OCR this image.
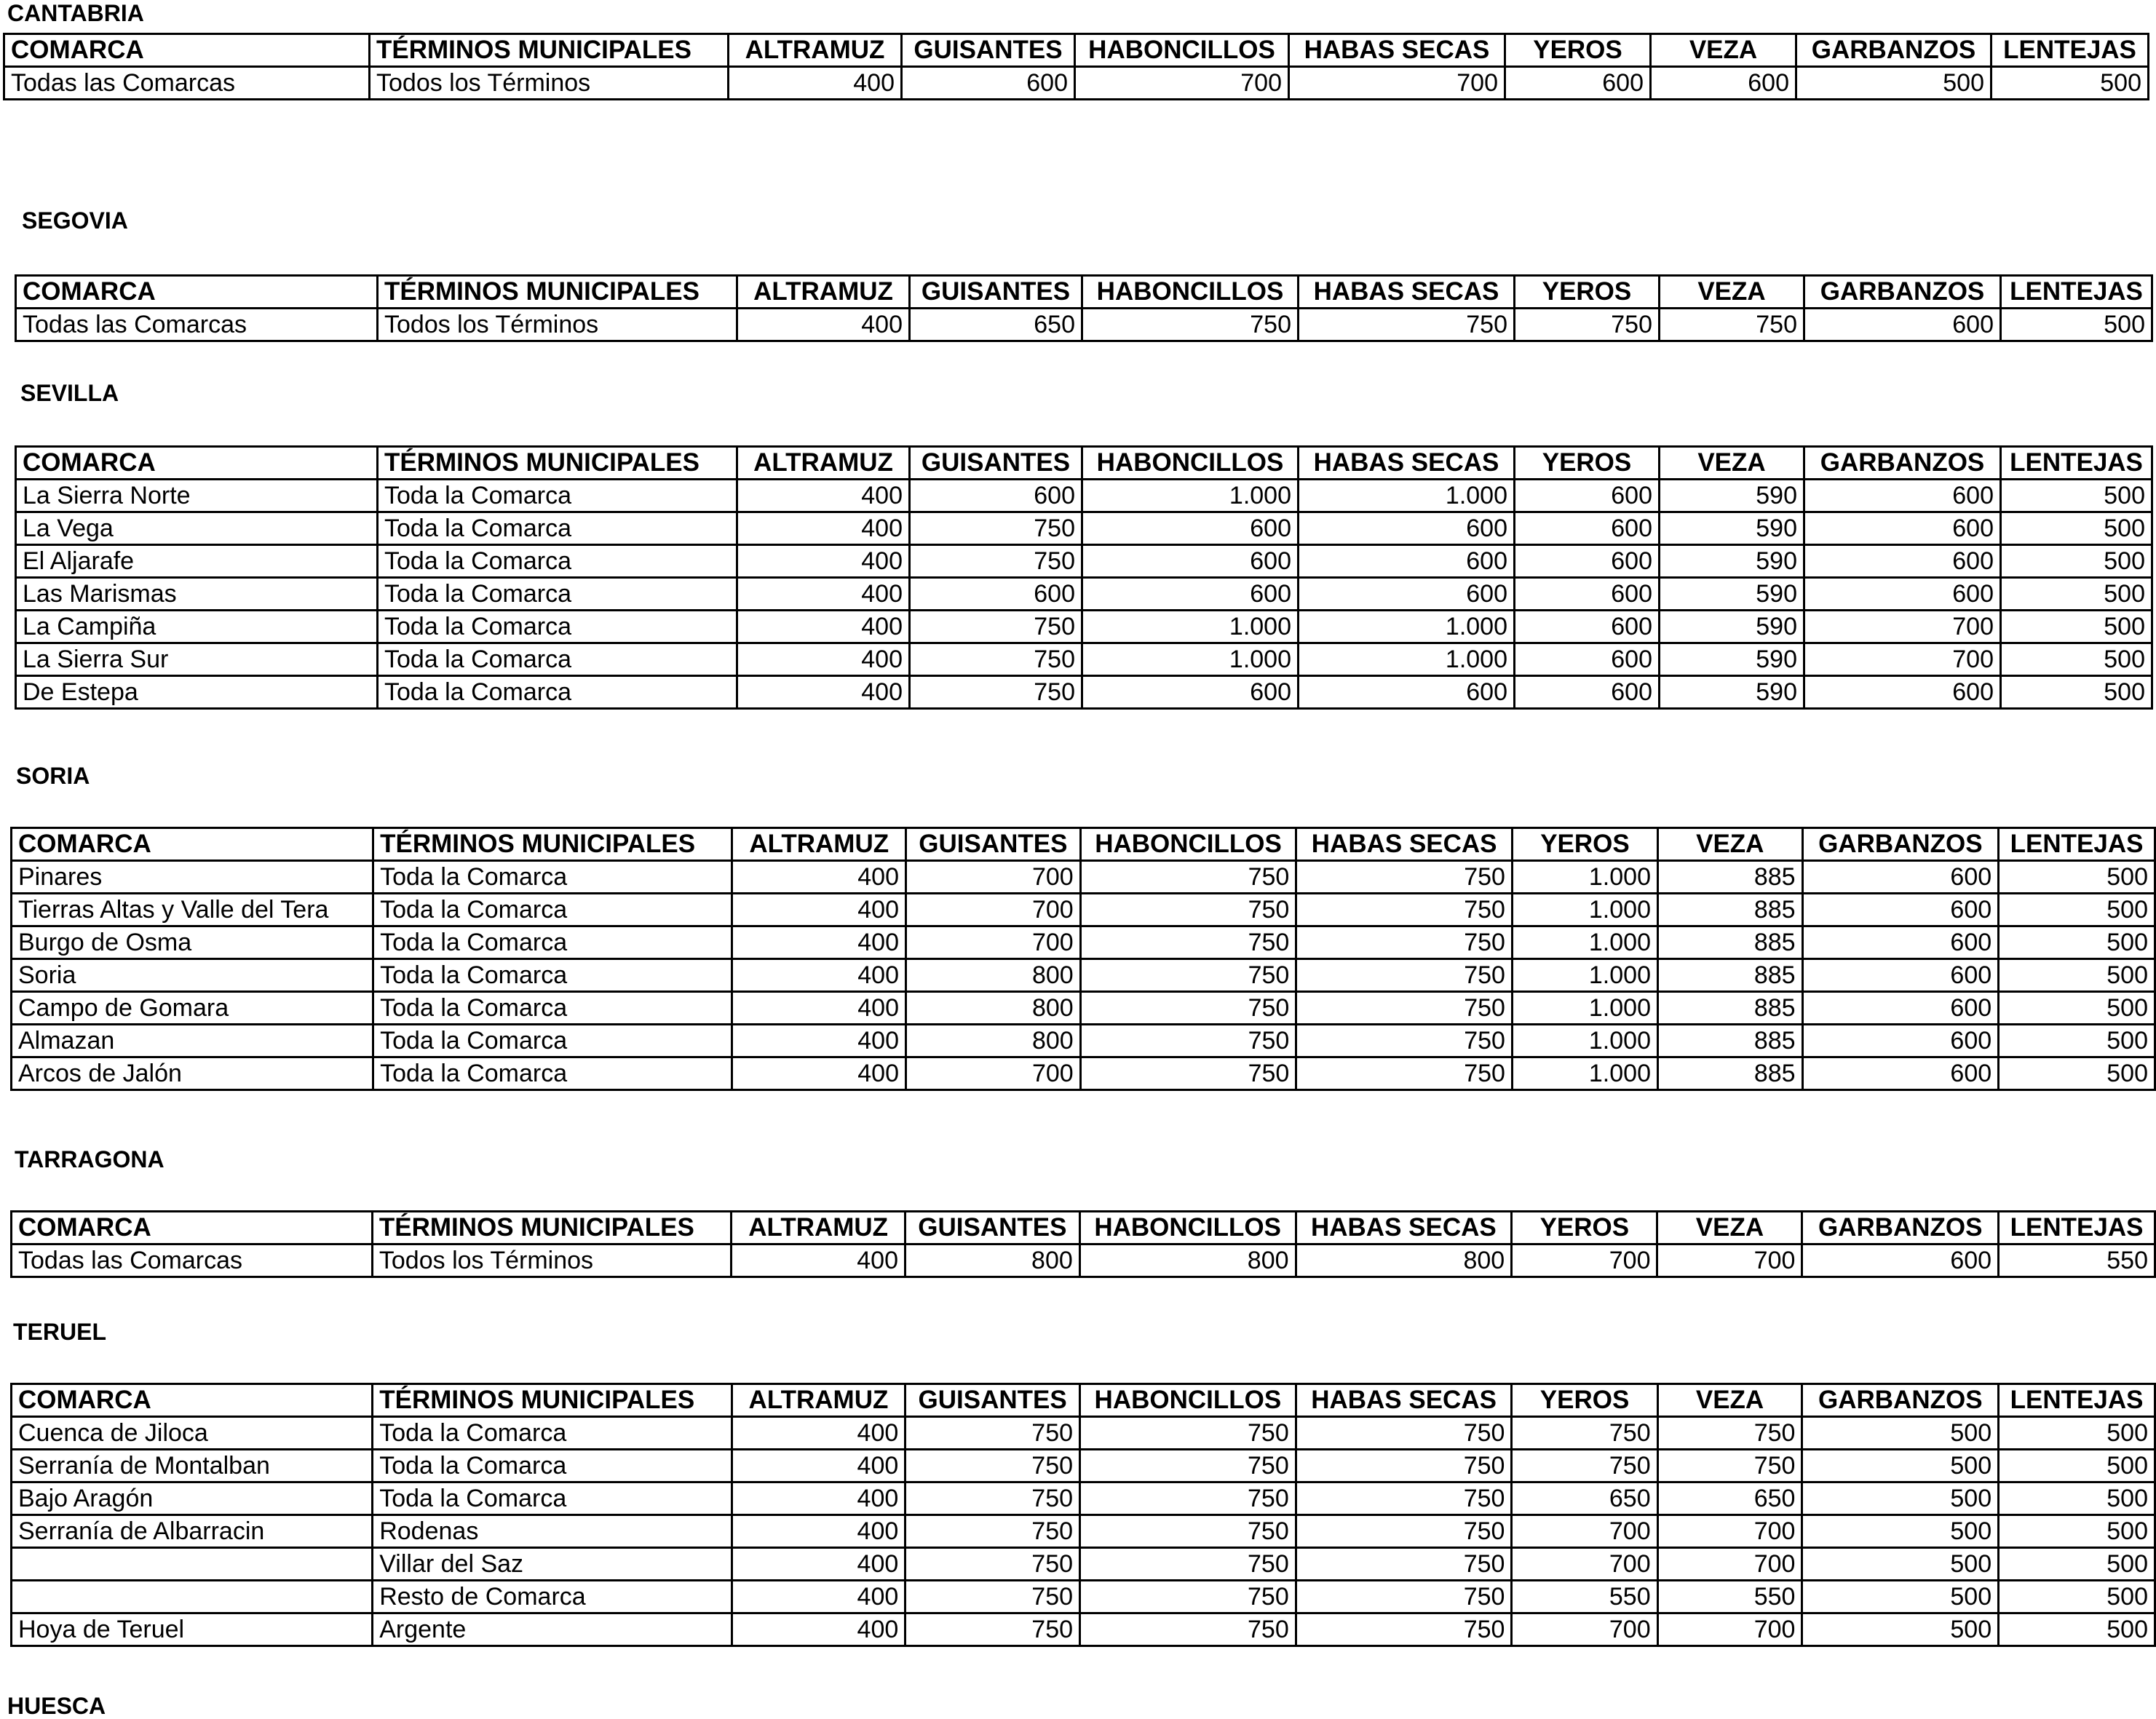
CANTABRIA
COMARCA	TÉRMINOS MUNICIPALES	ALTRAMUZ	GUISANTES	HABONCILLOS	HABAS SECAS	YEROS	VEZA	GARBANZOS	LENTEJAS
Todas las Comarcas	Todos los Términos	400	600	700	700	600	600	500	500
SEGOVIA
COMARCA	TÉRMINOS MUNICIPALES	ALTRAMUZ	GUISANTES	HABONCILLOS	HABAS SECAS	YEROS	VEZA	GARBANZOS	LENTEJAS
Todas las Comarcas	Todos los Términos	400	650	750	750	750	750	600	500
SEVILLA
COMARCA	TÉRMINOS MUNICIPALES	ALTRAMUZ	GUISANTES	HABONCILLOS	HABAS SECAS	YEROS	VEZA	GARBANZOS	LENTEJAS
La Sierra Norte	Toda la Comarca	400	600	1.000	1.000	600	590	600	500
La Vega	Toda la Comarca	400	750	600	600	600	590	600	500
El Aljarafe	Toda la Comarca	400	750	600	600	600	590	600	500
Las Marismas	Toda la Comarca	400	600	600	600	600	590	600	500
La Campiña	Toda la Comarca	400	750	1.000	1.000	600	590	700	500
La Sierra Sur	Toda la Comarca	400	750	1.000	1.000	600	590	700	500
De Estepa	Toda la Comarca	400	750	600	600	600	590	600	500
SORIA
COMARCA	TÉRMINOS MUNICIPALES	ALTRAMUZ	GUISANTES	HABONCILLOS	HABAS SECAS	YEROS	VEZA	GARBANZOS	LENTEJAS
Pinares	Toda la Comarca	400	700	750	750	1.000	885	600	500
Tierras Altas y Valle del Tera	Toda la Comarca	400	700	750	750	1.000	885	600	500
Burgo de Osma	Toda la Comarca	400	700	750	750	1.000	885	600	500
Soria	Toda la Comarca	400	800	750	750	1.000	885	600	500
Campo de Gomara	Toda la Comarca	400	800	750	750	1.000	885	600	500
Almazan	Toda la Comarca	400	800	750	750	1.000	885	600	500
Arcos de Jalón	Toda la Comarca	400	700	750	750	1.000	885	600	500
TARRAGONA
COMARCA	TÉRMINOS MUNICIPALES	ALTRAMUZ	GUISANTES	HABONCILLOS	HABAS SECAS	YEROS	VEZA	GARBANZOS	LENTEJAS
Todas las Comarcas	Todos los Términos	400	800	800	800	700	700	600	550
TERUEL
COMARCA	TÉRMINOS MUNICIPALES	ALTRAMUZ	GUISANTES	HABONCILLOS	HABAS SECAS	YEROS	VEZA	GARBANZOS	LENTEJAS
Cuenca de Jiloca	Toda la Comarca	400	750	750	750	750	750	500	500
Serranía de Montalban	Toda la Comarca	400	750	750	750	750	750	500	500
Bajo Aragón	Toda la Comarca	400	750	750	750	650	650	500	500
Serranía de Albarracin	Rodenas	400	750	750	750	700	700	500	500
	Villar del Saz	400	750	750	750	700	700	500	500
	Resto de Comarca	400	750	750	750	550	550	500	500
Hoya de Teruel	Argente	400	750	750	750	700	700	500	500
HUESCA
